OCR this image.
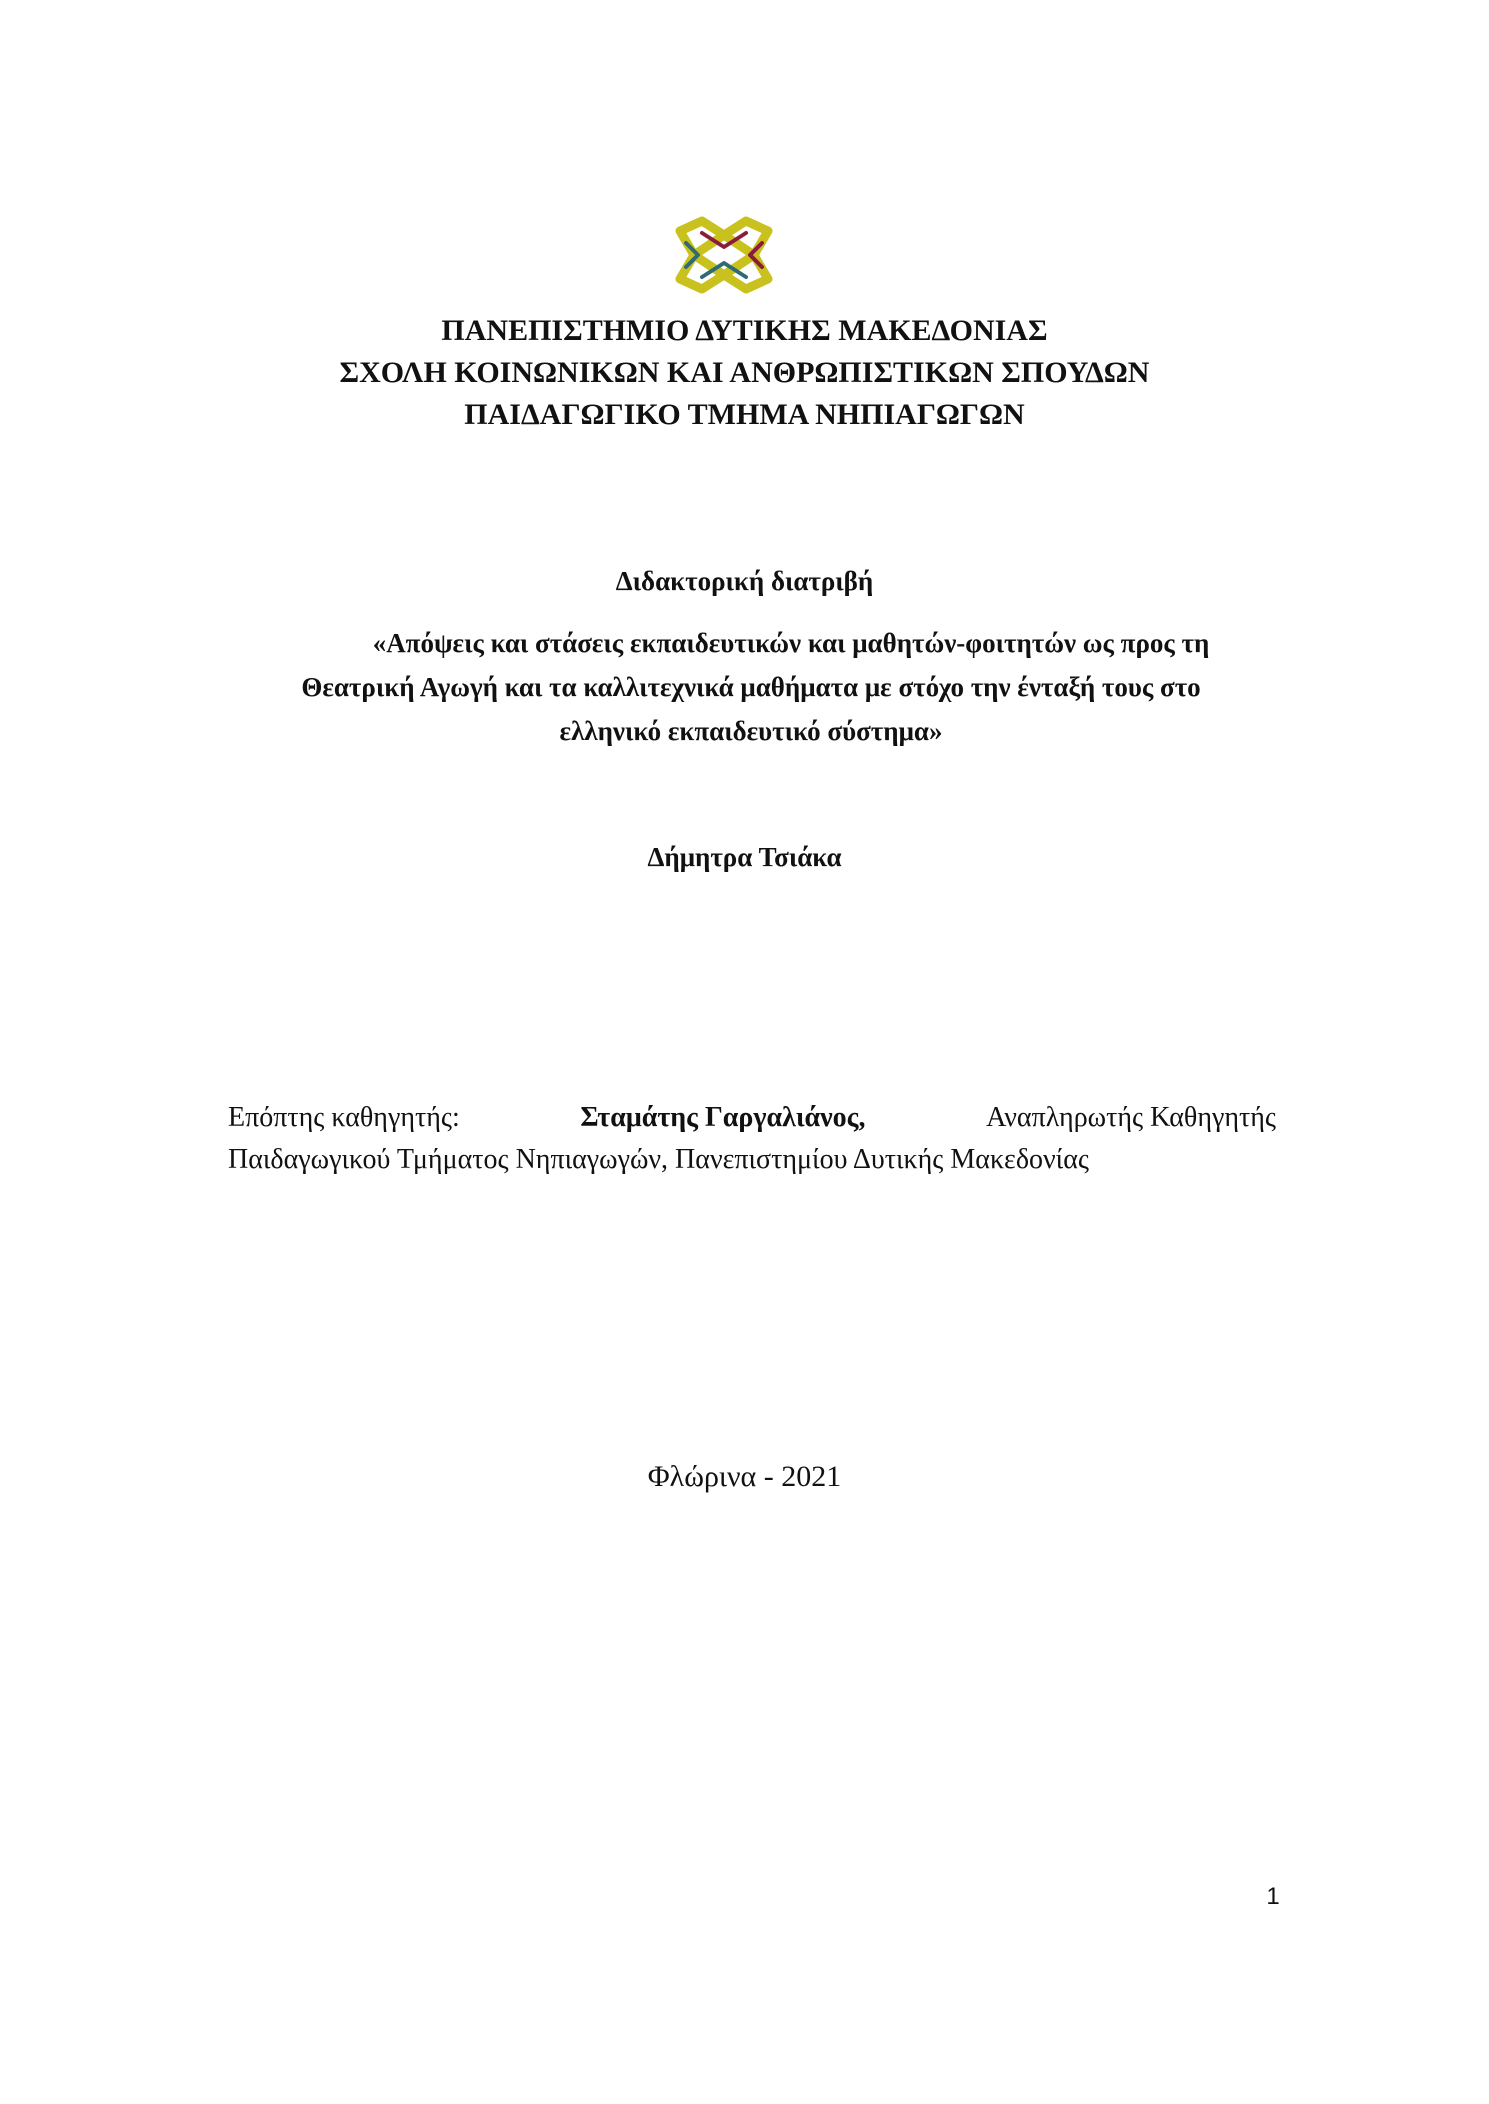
ΠΑΝΕΠΙΣΤΗΜΙΟ ΔΥΤΙΚΗΣ ΜΑΚΕΔΟΝΙΑΣ
ΣΧΟΛΗ ΚΟΙΝΩΝΙΚΩΝ ΚΑΙ ΑΝΘΡΩΠΙΣΤΙΚΩΝ ΣΠΟΥΔΩΝ
ΠΑΙΔΑΓΩΓΙΚΟ ΤΜΗΜΑ ΝΗΠΙΑΓΩΓΩΝ
Διδακτορική διατριβή
«Απόψεις και στάσεις εκπαιδευτικών και μαθητών-φοιτητών ως προς τη
Θεατρική Αγωγή και τα καλλιτεχνικά μαθήματα με στόχο την ένταξή τους στο
ελληνικό εκπαιδευτικό σύστημα»
Δήμητρα Τσιάκα
Επόπτης καθηγητής:	Σταμάτης Γαργαλιάνος,	Αναπληρωτής Καθηγητής
Παιδαγωγικού Τμήματος Νηπιαγωγών, Πανεπιστημίου Δυτικής Μακεδονίας
Φλώρινα - 2021
1
